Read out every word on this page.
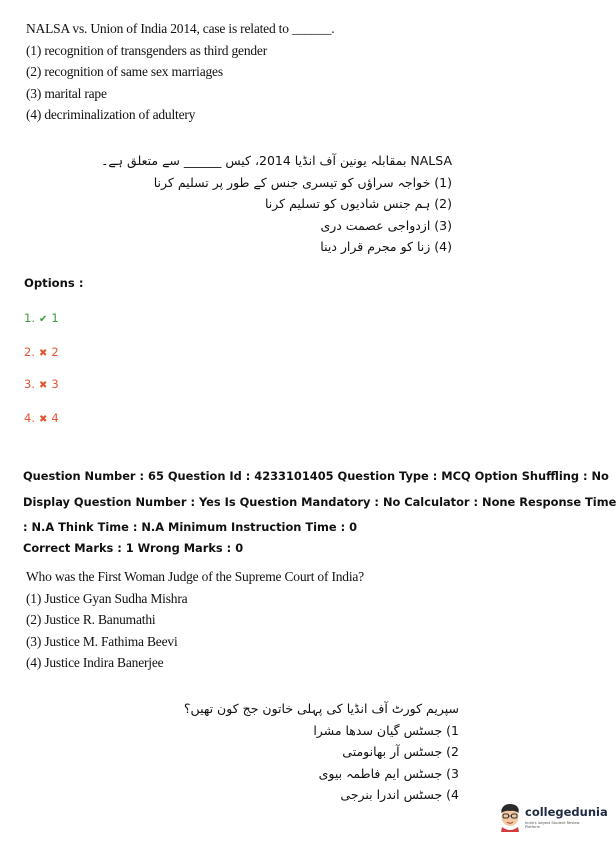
NALSA vs. Union of India 2014, case is related to ______.
(1) recognition of transgenders as third gender
(2) recognition of same sex marriages
(3) marital rape
(4) decriminalization of adultery
NALSA بمقابلہ یونین آف انڈیا 2014، کیس ______ سے متعلق ہے۔
(1) خواجہ سراؤں کو تیسری جنس کے طور پر تسلیم کرنا
(2) ہم جنس شادیوں کو تسلیم کرنا
(3) ازدواجی عصمت دری
(4) زنا کو مجرم قرار دینا
Options :
1. ✔ 1
2. ✖ 2
3. ✖ 3
4. ✖ 4
Question Number : 65 Question Id : 4233101405 Question Type : MCQ Option Shuffling : No
Display Question Number : Yes Is Question Mandatory : No Calculator : None Response Time
: N.A Think Time : N.A Minimum Instruction Time : 0
Correct Marks : 1 Wrong Marks : 0
Who was the First Woman Judge of the Supreme Court of India?
(1) Justice Gyan Sudha Mishra
(2) Justice R. Banumathi
(3) Justice M. Fathima Beevi
(4) Justice Indira Banerjee
سپریم کورٹ آف انڈیا کی پہلی خاتون جج کون تھیں؟
1) جسٹس گیان سدھا مشرا
2) جسٹس آر بھانومتی
3) جسٹس ایم فاطمہ بیوی
4) جسٹس اندرا بنرجی
collegedunia
India's largest Student Review Platform
